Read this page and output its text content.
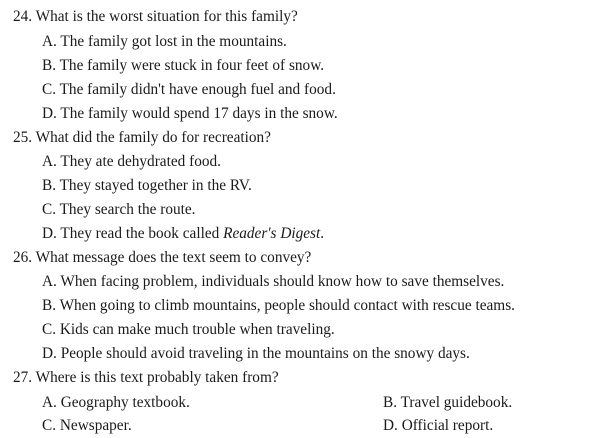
24. What is the worst situation for this family?
A. The family got lost in the mountains.
B. The family were stuck in four feet of snow.
C. The family didn't have enough fuel and food.
D. The family would spend 17 days in the snow.
25. What did the family do for recreation?
A. They ate dehydrated food.
B. They stayed together in the RV.
C. They search the route.
D. They read the book called Reader's Digest.
26. What message does the text seem to convey?
A. When facing problem, individuals should know how to save themselves.
B. When going to climb mountains, people should contact with rescue teams.
C. Kids can make much trouble when traveling.
D. People should avoid traveling in the mountains on the snowy days.
27. Where is this text probably taken from?
A. Geography textbook.	B. Travel guidebook.
C. Newspaper.	D. Official report.
